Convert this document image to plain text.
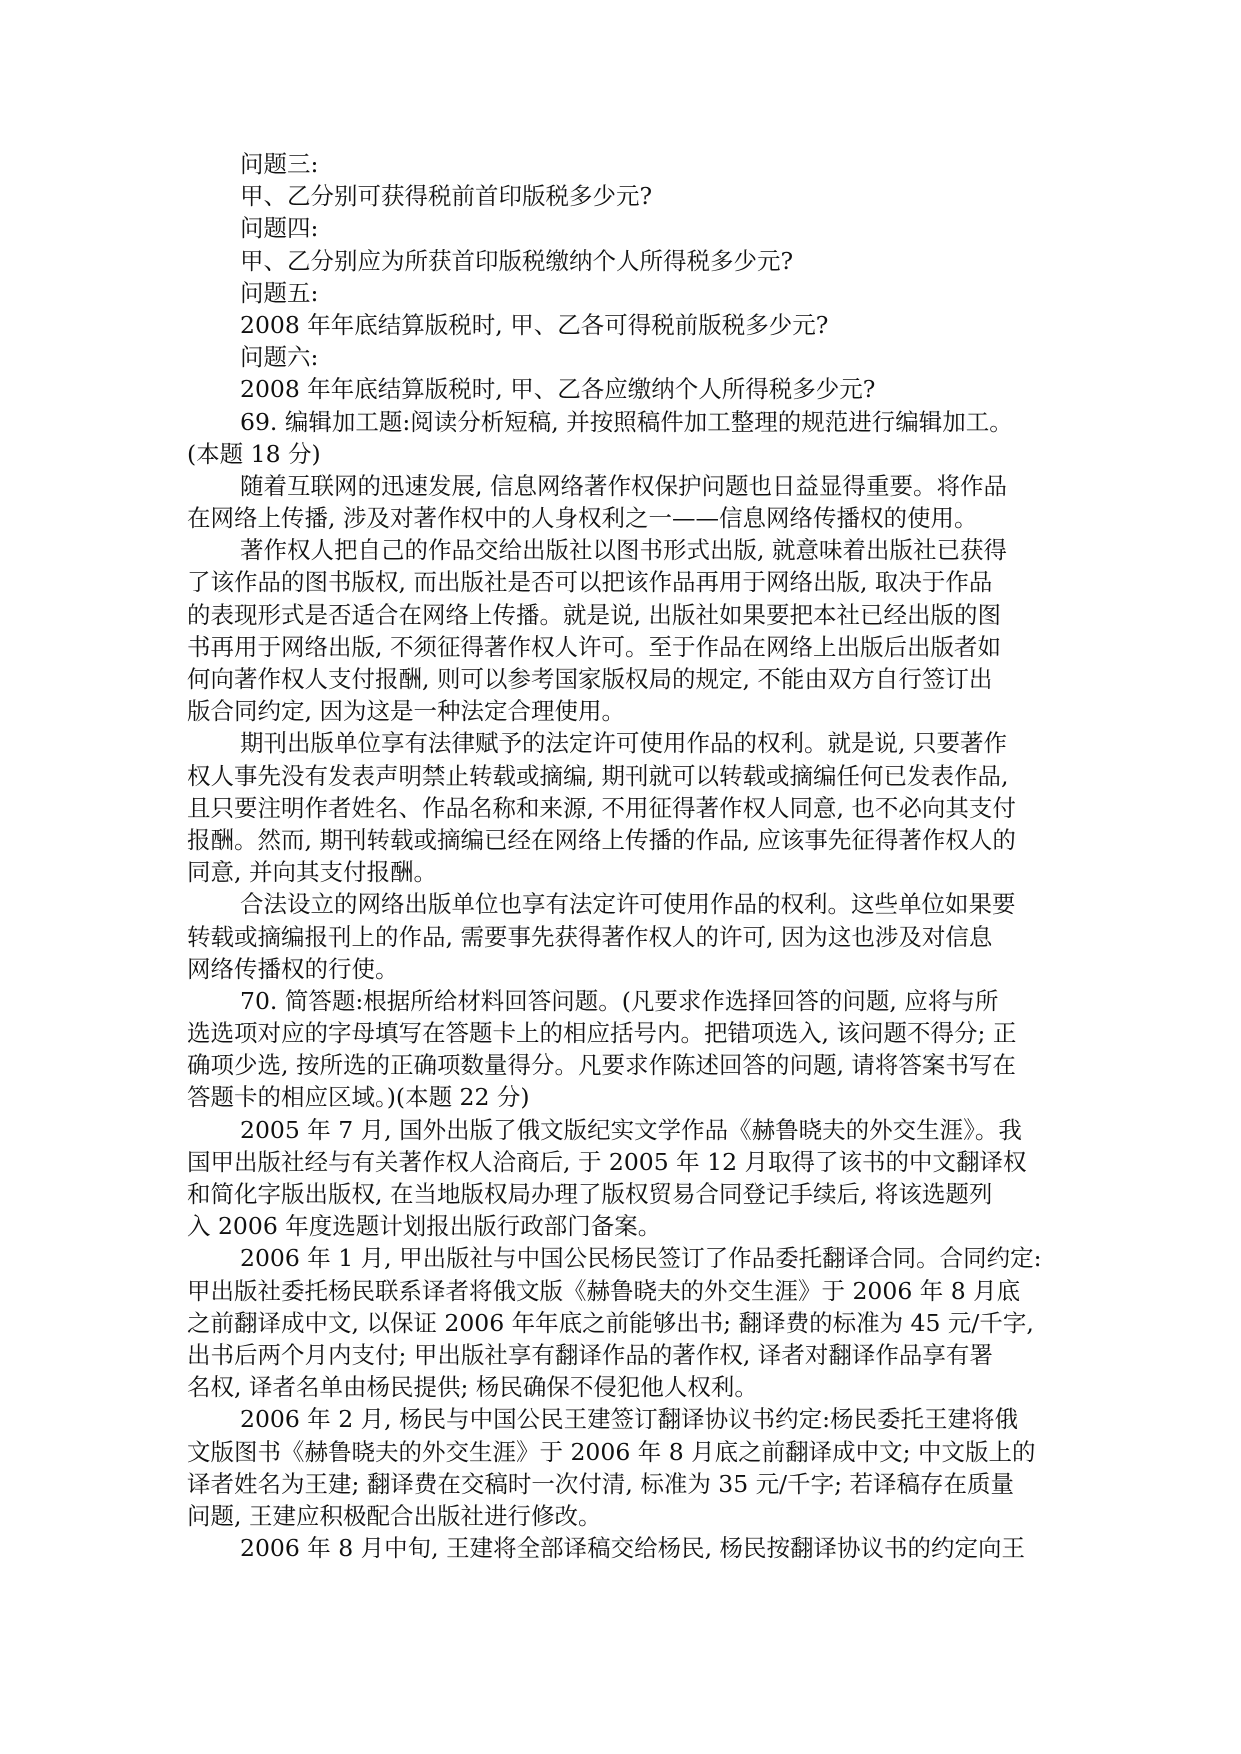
问题三:
甲、乙分别可获得税前首印版税多少元?
问题四:
甲、乙分别应为所获首印版税缴纳个人所得税多少元?
问题五:
2008 年年底结算版税时, 甲、乙各可得税前版税多少元?
问题六:
2008 年年底结算版税时, 甲、乙各应缴纳个人所得税多少元?
69. 编辑加工题:阅读分析短稿, 并按照稿件加工整理的规范进行编辑加工。
(本题 18 分)
随着互联网的迅速发展, 信息网络著作权保护问题也日益显得重要。将作品
在网络上传播, 涉及对著作权中的人身权利之一——信息网络传播权的使用。
著作权人把自己的作品交给出版社以图书形式出版, 就意味着出版社已获得
了该作品的图书版权, 而出版社是否可以把该作品再用于网络出版, 取决于作品
的表现形式是否适合在网络上传播。就是说, 出版社如果要把本社已经出版的图
书再用于网络出版, 不须征得著作权人许可。至于作品在网络上出版后出版者如
何向著作权人支付报酬, 则可以参考国家版权局的规定, 不能由双方自行签订出
版合同约定, 因为这是一种法定合理使用。
期刊出版单位享有法律赋予的法定许可使用作品的权利。就是说, 只要著作
权人事先没有发表声明禁止转载或摘编, 期刊就可以转载或摘编任何已发表作品,
且只要注明作者姓名、作品名称和来源, 不用征得著作权人同意, 也不必向其支付
报酬。然而, 期刊转载或摘编已经在网络上传播的作品, 应该事先征得著作权人的
同意, 并向其支付报酬。
合法设立的网络出版单位也享有法定许可使用作品的权利。这些单位如果要
转载或摘编报刊上的作品, 需要事先获得著作权人的许可, 因为这也涉及对信息
网络传播权的行使。
70. 简答题:根据所给材料回答问题。(凡要求作选择回答的问题, 应将与所
选选项对应的字母填写在答题卡上的相应括号内。把错项选入, 该问题不得分; 正
确项少选, 按所选的正确项数量得分。凡要求作陈述回答的问题, 请将答案书写在
答题卡的相应区域。)(本题 22 分)
2005 年 7 月, 国外出版了俄文版纪实文学作品《赫鲁晓夫的外交生涯》。我
国甲出版社经与有关著作权人洽商后, 于 2005 年 12 月取得了该书的中文翻译权
和简化字版出版权, 在当地版权局办理了版权贸易合同登记手续后, 将该选题列
入 2006 年度选题计划报出版行政部门备案。
2006 年 1 月, 甲出版社与中国公民杨民签订了作品委托翻译合同。合同约定:
甲出版社委托杨民联系译者将俄文版《赫鲁晓夫的外交生涯》于 2006 年 8 月底
之前翻译成中文, 以保证 2006 年年底之前能够出书; 翻译费的标准为 45 元/千字,
出书后两个月内支付; 甲出版社享有翻译作品的著作权, 译者对翻译作品享有署
名权, 译者名单由杨民提供; 杨民确保不侵犯他人权利。
2006 年 2 月, 杨民与中国公民王建签订翻译协议书约定:杨民委托王建将俄
文版图书《赫鲁晓夫的外交生涯》于 2006 年 8 月底之前翻译成中文; 中文版上的
译者姓名为王建; 翻译费在交稿时一次付清, 标准为 35 元/千字; 若译稿存在质量
问题, 王建应积极配合出版社进行修改。
2006 年 8 月中旬, 王建将全部译稿交给杨民, 杨民按翻译协议书的约定向王
